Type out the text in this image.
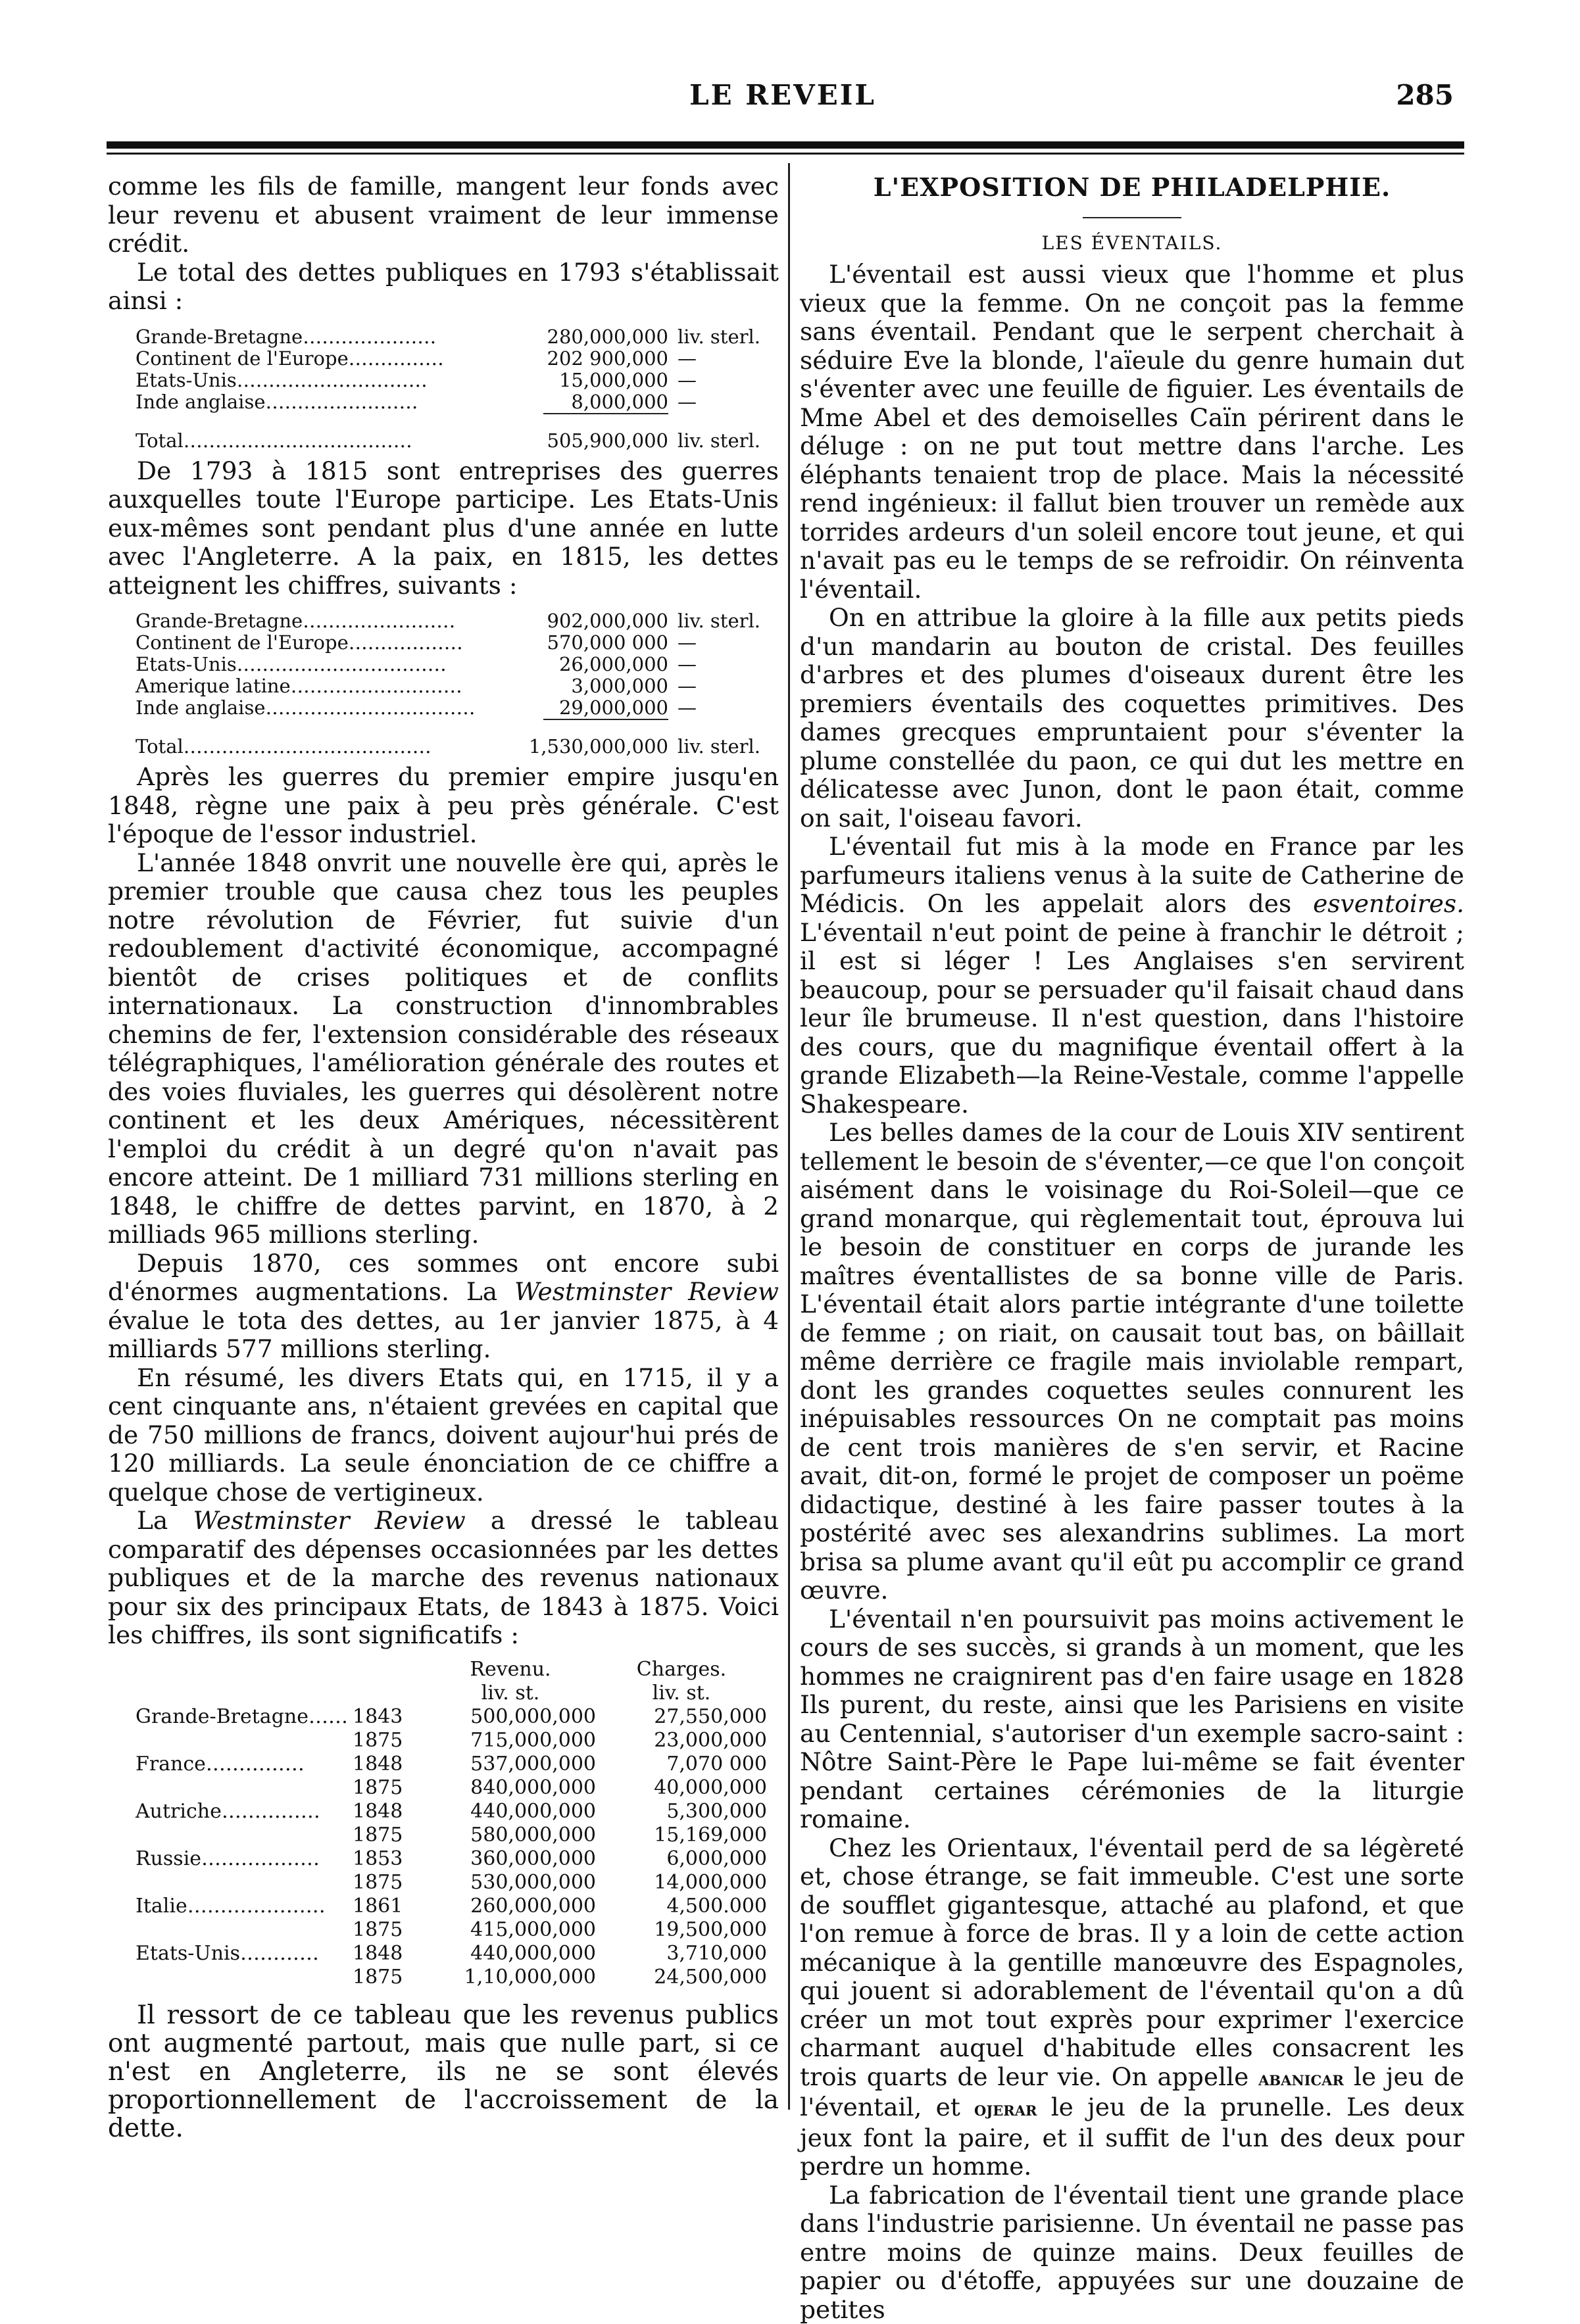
LE REVEIL	285

comme les fils de famille, mangent leur fonds avec leur revenu et abusent vraiment de leur immense crédit.

Le total des dettes publiques en 1793 s'établissait ainsi :

Grande-Bretagne…………………	280,000,000	liv. sterl.
Continent de l'Europe……………	202 900,000	—
Etats-Unis…………………………	15,000,000	—
Inde anglaise……………………	8,000,000	—

Total………………………………	505,900,000	liv. sterl.

De 1793 à 1815 sont entreprises des guerres auxquelles toute l'Europe participe. Les Etats-Unis eux-mêmes sont pendant plus d'une année en lutte avec l'Angleterre. A la paix, en 1815, les dettes atteignent les chiffres, suivants :

Grande-Bretagne……………………	902,000,000	liv. sterl.
Continent de l'Europe………………	570,000 000	—
Etats-Unis……………………………	26,000,000	—
Amerique latine………………………	3,000,000	—
Inde anglaise……………………………	29,000,000	—

Total…………………………………	1,530,000,000	liv. sterl.

Après les guerres du premier empire jusqu'en 1848, règne une paix à peu près générale. C'est l'époque de l'essor industriel.

L'année 1848 onvrit une nouvelle ère qui, après le premier trouble que causa chez tous les peuples notre révolution de Février, fut suivie d'un redoublement d'activité économique, accompagné bientôt de crises politiques et de conflits internationaux. La construction d'innombrables chemins de fer, l'extension considérable des réseaux télégraphiques, l'amélioration générale des routes et des voies fluviales, les guerres qui désolèrent notre continent et les deux Amériques, nécessitèrent l'emploi du crédit à un degré qu'on n'avait pas encore atteint. De 1 milliard 731 millions sterling en 1848, le chiffre de dettes parvint, en 1870, à 2 milliads 965 millions sterling.

Depuis 1870, ces sommes ont encore subi d'énormes augmentations. La Westminster Review évalue le tota des dettes, au 1er janvier 1875, à 4 milliards 577 millions sterling.

En résumé, les divers Etats qui, en 1715, il y a cent cinquante ans, n'étaient grevées en capital que de 750 millions de francs, doivent aujour'hui prés de 120 milliards. La seule énonciation de ce chiffre a quelque chose de vertigineux.

La Westminster Review a dressé le tableau comparatif des dépenses occasionnées par les dettes publiques et de la marche des revenus nationaux pour six des principaux Etats, de 1843 à 1875. Voici les chiffres, ils sont significatifs :

		Revenu.	Charges.
		liv. st.	liv. st.
Grande-Bretagne……	1843	500,000,000	27,550,000
	1875	715,000,000	23,000,000
France……………	1848	537,000,000	7,070 000
	1875	840,000,000	40,000,000
Autriche……………	1848	440,000,000	5,300,000
	1875	580,000,000	15,169,000
Russie………………	1853	360,000,000	6,000,000
	1875	530,000,000	14,000,000
Italie…………………	1861	260,000,000	4,500.000
	1875	415,000,000	19,500,000
Etats-Unis…………	1848	440,000,000	3,710,000
	1875	1,10,000,000	24,500,000

Il ressort de ce tableau que les revenus publics ont augmenté partout, mais que nulle part, si ce n'est en Angleterre, ils ne se sont élevés proportionnellement de l'accroissement de la dette.

L'EXPOSITION DE PHILADELPHIE.
LES ÉVENTAILS.

L'éventail est aussi vieux que l'homme et plus vieux que la femme. On ne conçoit pas la femme sans éventail. Pendant que le serpent cherchait à séduire Eve la blonde, l'aïeule du genre humain dut s'éventer avec une feuille de figuier. Les éventails de Mme Abel et des demoiselles Caïn périrent dans le déluge : on ne put tout mettre dans l'arche. Les éléphants tenaient trop de place. Mais la nécessité rend ingénieux: il fallut bien trouver un remède aux torrides ardeurs d'un soleil encore tout jeune, et qui n'avait pas eu le temps de se refroidir. On réinventa l'éventail.

On en attribue la gloire à la fille aux petits pieds d'un mandarin au bouton de cristal. Des feuilles d'arbres et des plumes d'oiseaux durent être les premiers éventails des coquettes primitives. Des dames grecques empruntaient pour s'éventer la plume constellée du paon, ce qui dut les mettre en délicatesse avec Junon, dont le paon était, comme on sait, l'oiseau favori.

L'éventail fut mis à la mode en France par les parfumeurs italiens venus à la suite de Catherine de Médicis. On les appelait alors des esventoires. L'éventail n'eut point de peine à franchir le détroit ; il est si léger ! Les Anglaises s'en servirent beaucoup, pour se persuader qu'il faisait chaud dans leur île brumeuse. Il n'est question, dans l'histoire des cours, que du magnifique éventail offert à la grande Elizabeth—la Reine-Vestale, comme l'appelle Shakespeare.

Les belles dames de la cour de Louis XIV sentirent tellement le besoin de s'éventer,—ce que l'on conçoit aisément dans le voisinage du Roi-Soleil—que ce grand monarque, qui règlementait tout, éprouva lui le besoin de constituer en corps de jurande les maîtres éventallistes de sa bonne ville de Paris. L'éventail était alors partie intégrante d'une toilette de femme ; on riait, on causait tout bas, on bâillait même derrière ce fragile mais inviolable rempart, dont les grandes coquettes seules connurent les inépuisables ressources On ne comptait pas moins de cent trois manières de s'en servir, et Racine avait, dit-on, formé le projet de composer un poëme didactique, destiné à les faire passer toutes à la postérité avec ses alexandrins sublimes. La mort brisa sa plume avant qu'il eût pu accomplir ce grand œuvre.

L'éventail n'en poursuivit pas moins activement le cours de ses succès, si grands à un moment, que les hommes ne craignirent pas d'en faire usage en 1828 Ils purent, du reste, ainsi que les Parisiens en visite au Centennial, s'autoriser d'un exemple sacro-saint : Nôtre Saint-Père le Pape lui-même se fait éventer pendant certaines cérémonies de la liturgie romaine.

Chez les Orientaux, l'éventail perd de sa légèreté et, chose étrange, se fait immeuble. C'est une sorte de soufflet gigantesque, attaché au plafond, et que l'on remue à force de bras. Il y a loin de cette action mécanique à la gentille manœuvre des Espagnoles, qui jouent si adorablement de l'éventail qu'on a dû créer un mot tout exprès pour exprimer l'exercice charmant auquel d'habitude elles consacrent les trois quarts de leur vie. On appelle abanicar le jeu de l'éventail, et ojerar le jeu de la prunelle. Les deux jeux font la paire, et il suffit de l'un des deux pour perdre un homme.

La fabrication de l'éventail tient une grande place dans l'industrie parisienne. Un éventail ne passe pas entre moins de quinze mains. Deux feuilles de papier ou d'étoffe, appuyées sur une douzaine de petites
